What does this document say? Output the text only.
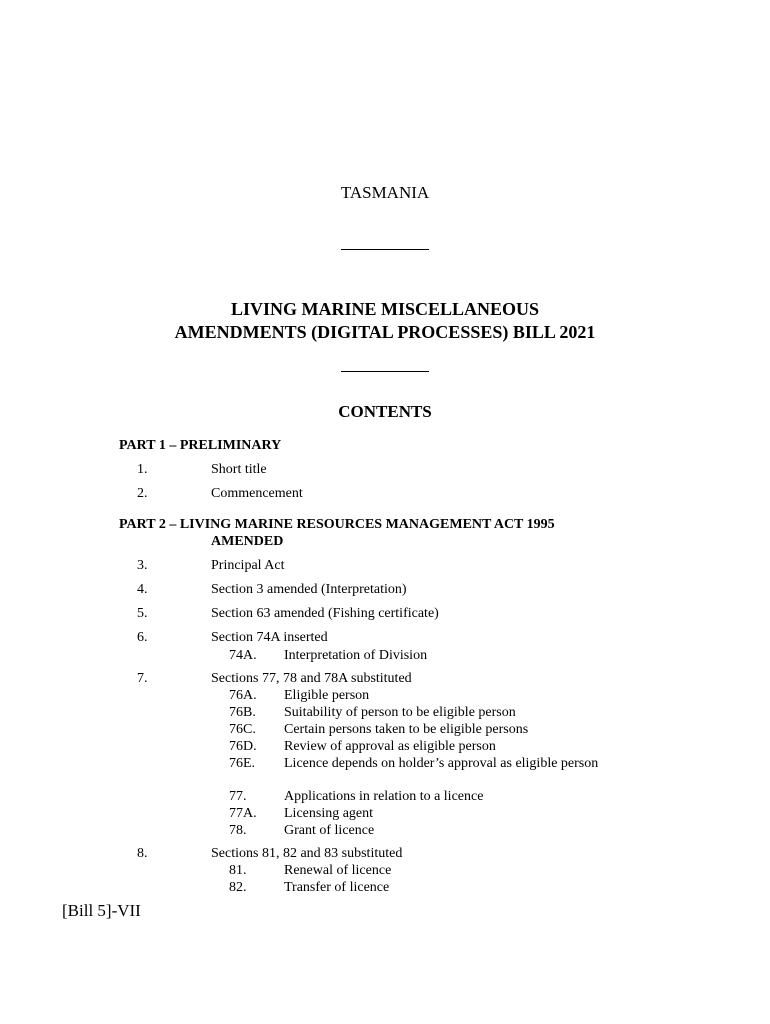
TASMANIA
LIVING MARINE MISCELLANEOUS
AMENDMENTS (DIGITAL PROCESSES) BILL 2021
CONTENTS
PART 1 – PRELIMINARY
1.	Short title
2.	Commencement
PART 2 – LIVING MARINE RESOURCES MANAGEMENT ACT 1995
AMENDED
3.	Principal Act
4.	Section 3 amended (Interpretation)
5.	Section 63 amended (Fishing certificate)
6.	Section 74A inserted
74A. Interpretation of Division
7.	Sections 77, 78 and 78A substituted
76A. Eligible person
76B. Suitability of person to be eligible person
76C. Certain persons taken to be eligible persons
76D. Review of approval as eligible person
76E. Licence depends on holder’s approval as eligible person
77.	Applications in relation to a licence
77A. Licensing agent
78.	Grant of licence
8.	Sections 81, 82 and 83 substituted
81.	Renewal of licence
82.	Transfer of licence
[Bill 5]-VII
